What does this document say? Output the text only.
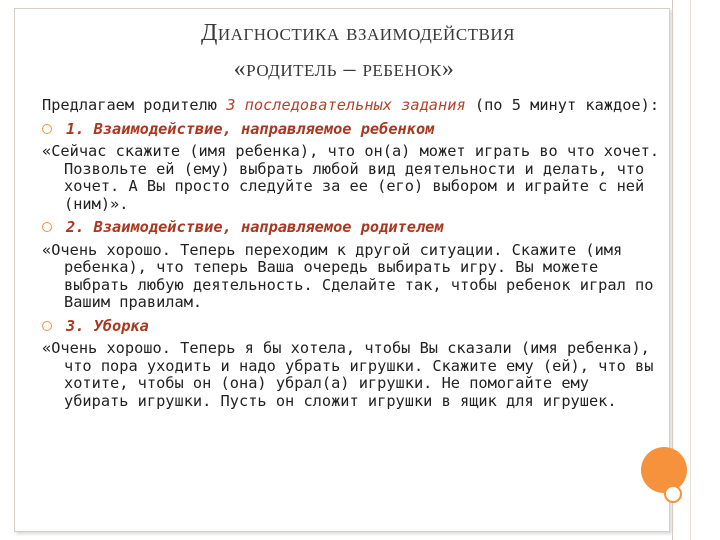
Диагностика взаимодействия
«родитель – ребенок»

Предлагаем родителю 3 последовательных задания (по 5 минут каждое):

1. Взаимодействие, направляемое ребенком

«Сейчас скажите (имя ребенка), что он(а) может играть во что хочет. Позвольте ей (ему) выбрать любой вид деятельности и делать, что хочет. А Вы просто следуйте за ее (его) выбором и играйте с ней (ним)».

2. Взаимодействие, направляемое родителем

«Очень хорошо. Теперь переходим к другой ситуации. Скажите (имя ребенка), что теперь Ваша очередь выбирать игру. Вы можете выбрать любую деятельность. Сделайте так, чтобы ребенок играл по Вашим правилам.

3. Уборка

«Очень хорошо. Теперь я бы хотела, чтобы Вы сказали (имя ребенка), что пора уходить и надо убрать игрушки. Скажите ему (ей), что вы хотите, чтобы он (она) убрал(а) игрушки. Не помогайте ему убирать игрушки. Пусть он сложит игрушки в ящик для игрушек.
